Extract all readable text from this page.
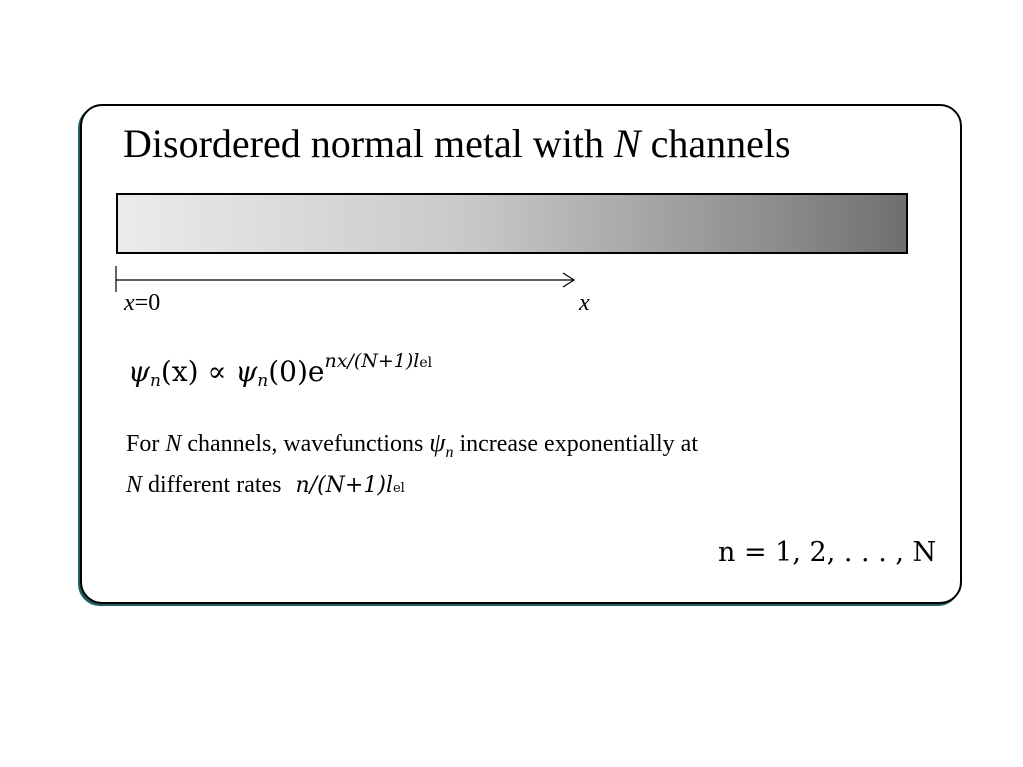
Disordered normal metal with N channels
x=0	x
$\psi n(x) \propto \psi n(0)e^{nx/(N+1)lel}$
For N channels, wavefunctions $\psi_n$ increase exponentially at
N different rates n/(N+1)lel
n = 1, 2, . . . , N
